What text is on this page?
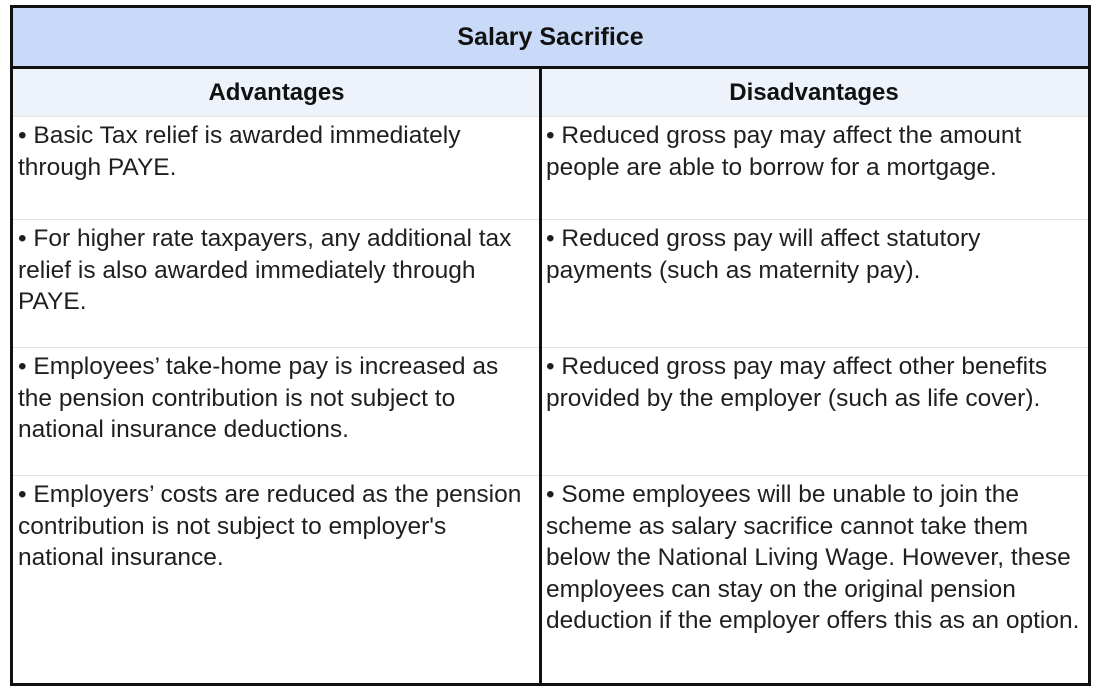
Salary Sacrifice
Advantages	Disadvantages
• Basic Tax relief is awarded immediately through PAYE.
• Reduced gross pay may affect the amount people are able to borrow for a mortgage.
• For higher rate taxpayers, any additional tax relief is also awarded immediately through PAYE.
• Reduced gross pay will affect statutory payments (such as maternity pay).
• Employees’ take-home pay is increased as the pension contribution is not subject to national insurance deductions.
• Reduced gross pay may affect other benefits provided by the employer (such as life cover).
• Employers’ costs are reduced as the pension contribution is not subject to employer's national insurance.
• Some employees will be unable to join the scheme as salary sacrifice cannot take them below the National Living Wage. However, these employees can stay on the original pension deduction if the employer offers this as an option.
